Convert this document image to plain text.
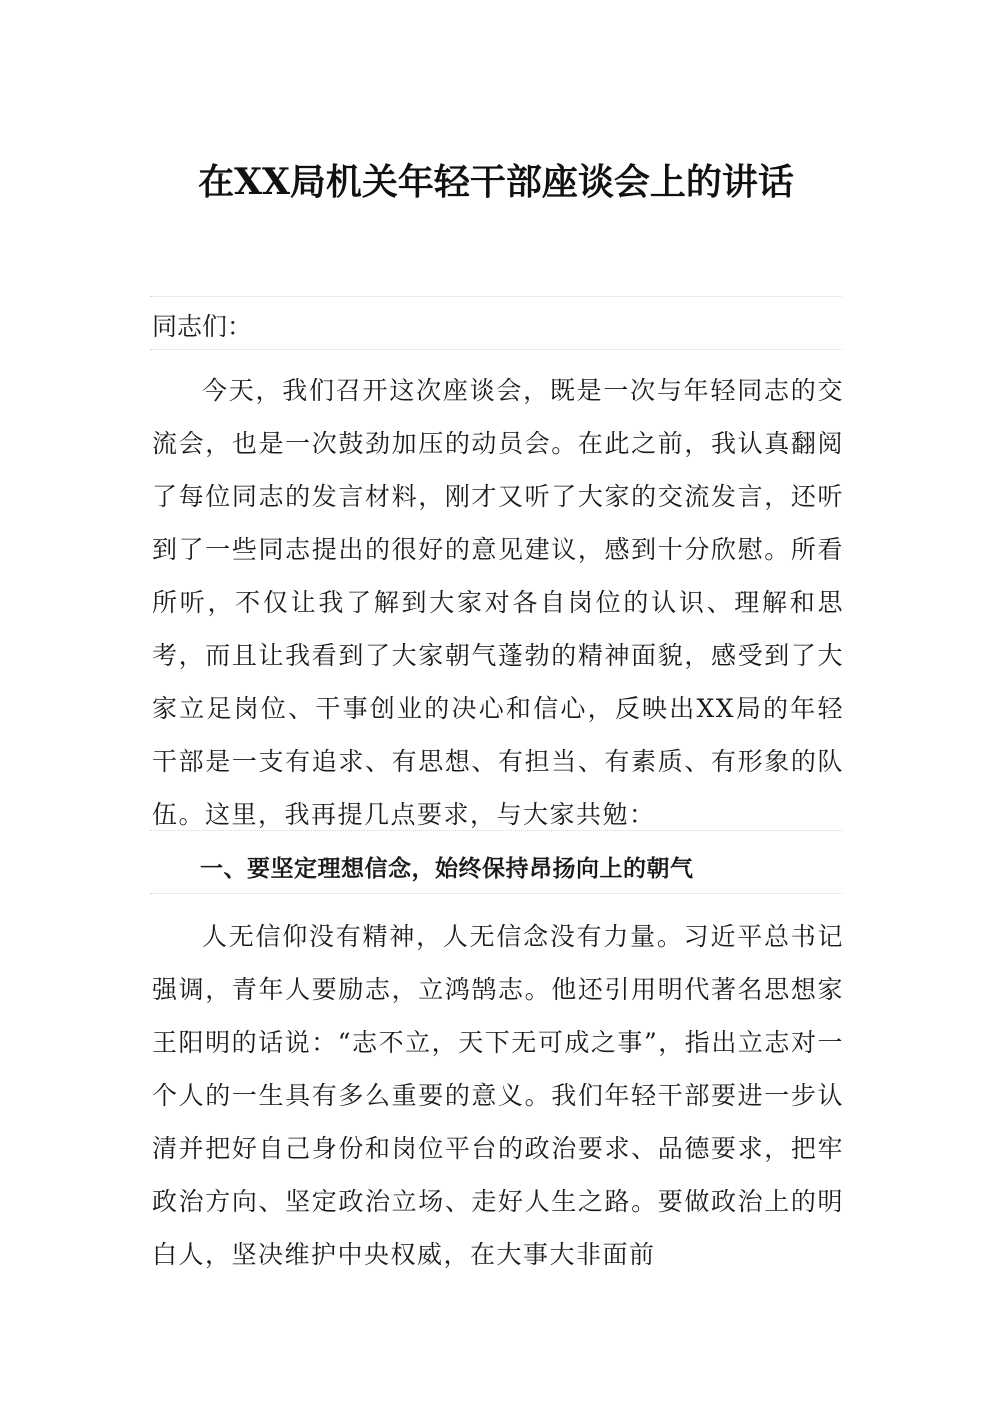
在XX局机关年轻干部座谈会上的讲话
同志们：
今天，我们召开这次座谈会，既是一次与年轻同志的交流会，也是一次鼓劲加压的动员会。在此之前，我认真翻阅了每位同志的发言材料，刚才又听了大家的交流发言，还听到了一些同志提出的很好的意见建议，感到十分欣慰。所看所听，不仅让我了解到大家对各自岗位的认识、理解和思考，而且让我看到了大家朝气蓬勃的精神面貌，感受到了大家立足岗位、干事创业的决心和信心，反映出XX局的年轻干部是一支有追求、有思想、有担当、有素质、有形象的队伍。这里，我再提几点要求，与大家共勉：
一、要坚定理想信念，始终保持昂扬向上的朝气
人无信仰没有精神，人无信念没有力量。习近平总书记强调，青年人要励志，立鸿鹄志。他还引用明代著名思想家王阳明的话说：“志不立，天下无可成之事”，指出立志对一个人的一生具有多么重要的意义。我们年轻干部要进一步认清并把好自己身份和岗位平台的政治要求、品德要求，把牢政治方向、坚定政治立场、走好人生之路。要做政治上的明白人，坚决维护中央权威，在大事大非面前
